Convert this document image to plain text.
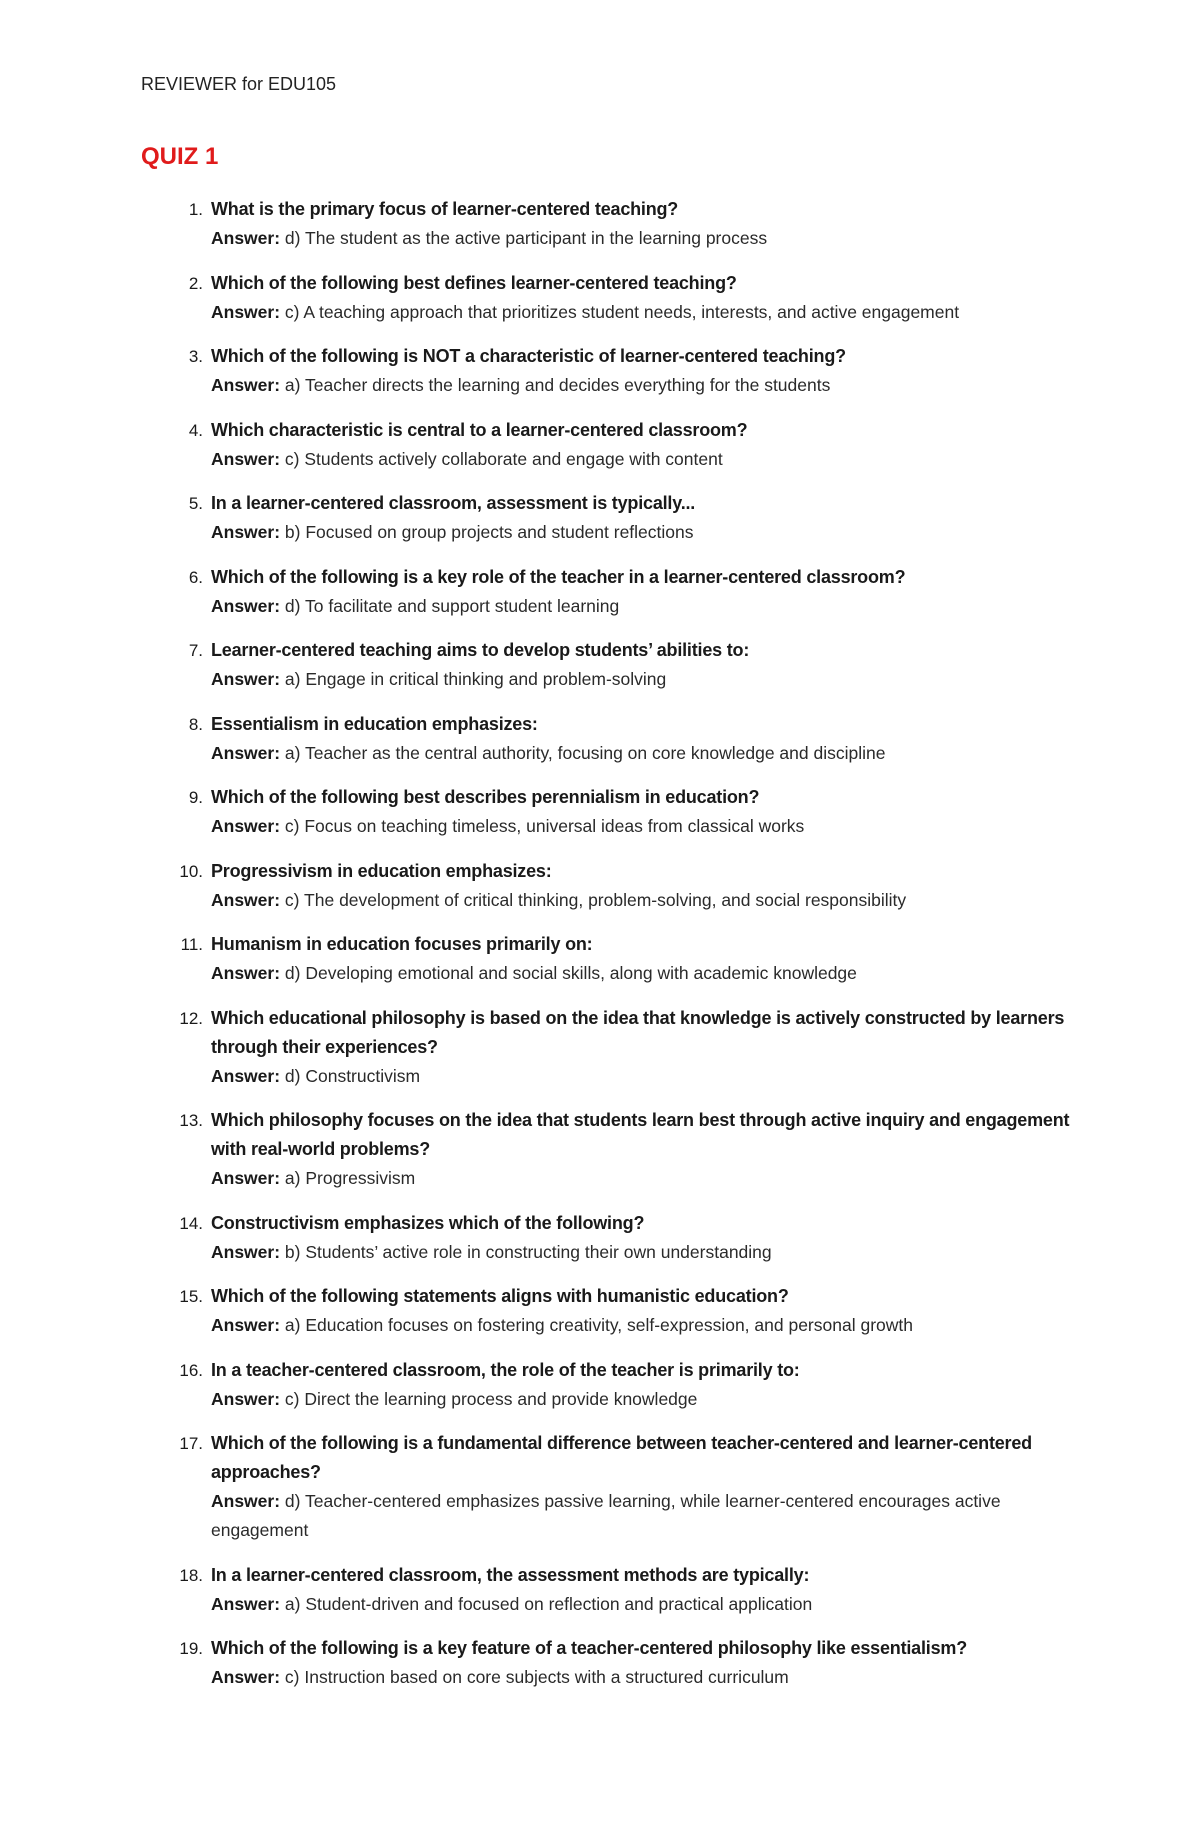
REVIEWER for EDU105
QUIZ 1
1. What is the primary focus of learner-centered teaching?
Answer: d) The student as the active participant in the learning process
2. Which of the following best defines learner-centered teaching?
Answer: c) A teaching approach that prioritizes student needs, interests, and active engagement
3. Which of the following is NOT a characteristic of learner-centered teaching?
Answer: a) Teacher directs the learning and decides everything for the students
4. Which characteristic is central to a learner-centered classroom?
Answer: c) Students actively collaborate and engage with content
5. In a learner-centered classroom, assessment is typically...
Answer: b) Focused on group projects and student reflections
6. Which of the following is a key role of the teacher in a learner-centered classroom?
Answer: d) To facilitate and support student learning
7. Learner-centered teaching aims to develop students’ abilities to:
Answer: a) Engage in critical thinking and problem-solving
8. Essentialism in education emphasizes:
Answer: a) Teacher as the central authority, focusing on core knowledge and discipline
9. Which of the following best describes perennialism in education?
Answer: c) Focus on teaching timeless, universal ideas from classical works
10. Progressivism in education emphasizes:
Answer: c) The development of critical thinking, problem-solving, and social responsibility
11. Humanism in education focuses primarily on:
Answer: d) Developing emotional and social skills, along with academic knowledge
12. Which educational philosophy is based on the idea that knowledge is actively constructed by learners through their experiences?
Answer: d) Constructivism
13. Which philosophy focuses on the idea that students learn best through active inquiry and engagement with real-world problems?
Answer: a) Progressivism
14. Constructivism emphasizes which of the following?
Answer: b) Students’ active role in constructing their own understanding
15. Which of the following statements aligns with humanistic education?
Answer: a) Education focuses on fostering creativity, self-expression, and personal growth
16. In a teacher-centered classroom, the role of the teacher is primarily to:
Answer: c) Direct the learning process and provide knowledge
17. Which of the following is a fundamental difference between teacher-centered and learner-centered approaches?
Answer: d) Teacher-centered emphasizes passive learning, while learner-centered encourages active engagement
18. In a learner-centered classroom, the assessment methods are typically:
Answer: a) Student-driven and focused on reflection and practical application
19. Which of the following is a key feature of a teacher-centered philosophy like essentialism?
Answer: c) Instruction based on core subjects with a structured curriculum
